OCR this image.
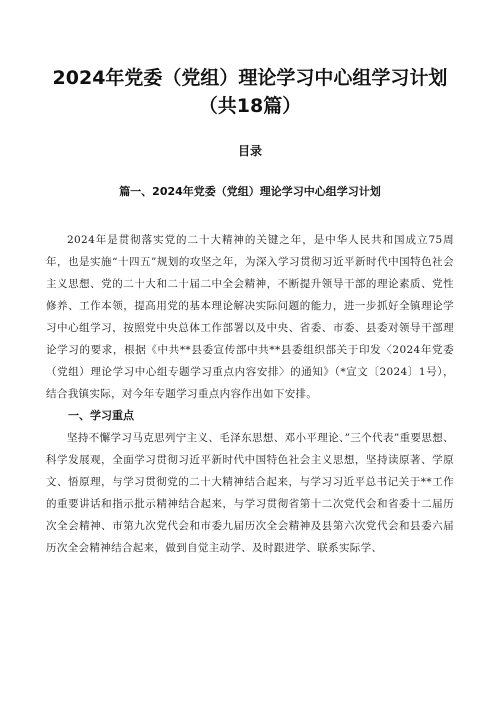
2024年党委（党组）理论学习中心组学习计划
（共18篇）
目录
篇一、2024年党委（党组）理论学习中心组学习计划

2024年是贯彻落实党的二十大精神的关键之年，是中华人民共和国成立75周年，也是实施“十四五”规划的攻坚之年，为深入学习贯彻习近平新时代中国特色社会主义思想、党的二十大和二十届二中全会精神，不断提升领导干部的理论素质、党性修养、工作本领，提高用党的基本理论解决实际问题的能力，进一步抓好全镇理论学习中心组学习，按照党中央总体工作部署以及中央、省委、市委、县委对领导干部理论学习的要求，根据《中共**县委宣传部中共**县委组织部关于印发〈2024年党委（党组）理论学习中心组专题学习重点内容安排〉的通知》（*宣文〔2024〕1号），结合我镇实际，对今年专题学习重点内容作出如下安排。

一、学习重点

坚持不懈学习马克思列宁主义、毛泽东思想、邓小平理论、”三个代表”重要思想、科学发展观，全面学习贯彻习近平新时代中国特色社会主义思想，坚持读原著、学原文、悟原理，与学习贯彻党的二十大精神结合起来，与学习习近平总书记关于**工作的重要讲话和指示批示精神结合起来，与学习贯彻省第十二次党代会和省委十二届历次全会精神、市第九次党代会和市委九届历次全会精神及县第六次党代会和县委六届历次全会精神结合起来，做到自觉主动学、及时跟进学、联系实际学、
